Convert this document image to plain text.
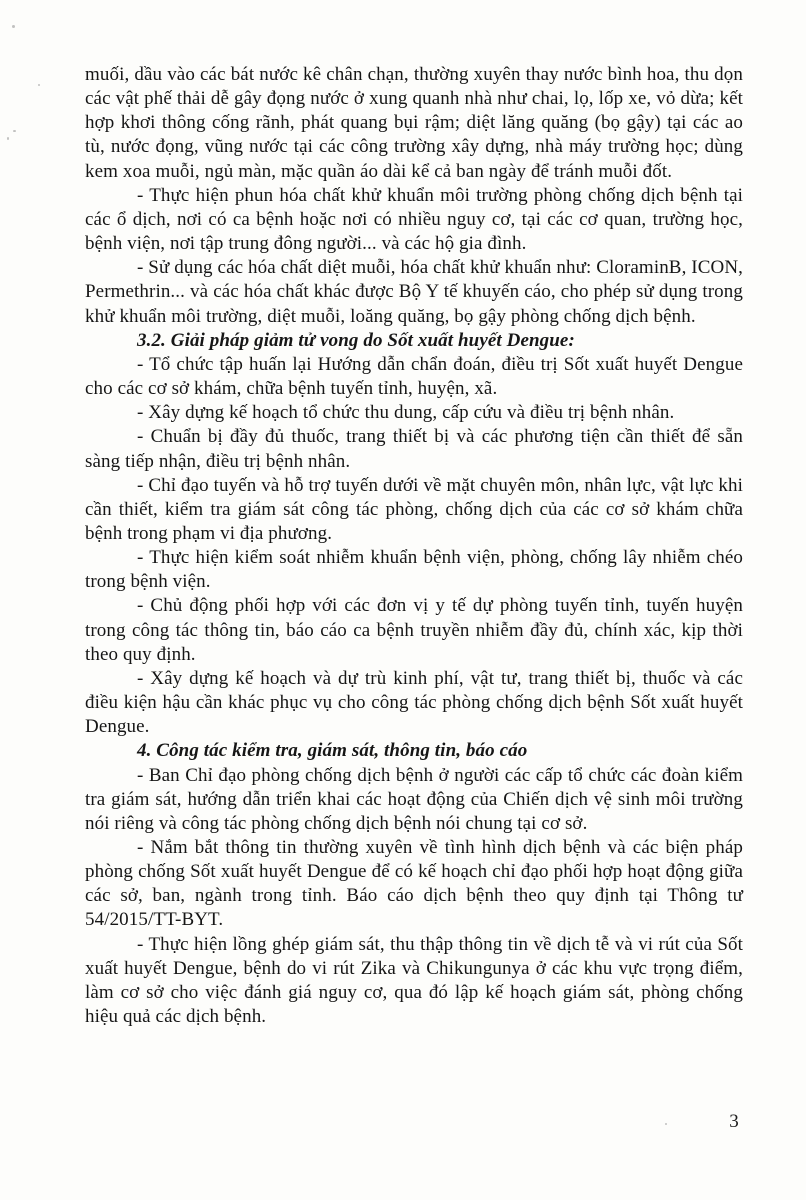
muối, dầu vào các bát nước kê chân chạn, thường xuyên thay nước bình hoa, thu dọn các vật phế thải dễ gây đọng nước ở xung quanh nhà như chai, lọ, lốp xe, vỏ dừa; kết hợp khơi thông cống rãnh, phát quang bụi rậm; diệt lăng quăng (bọ gậy) tại các ao tù, nước đọng, vũng nước tại các công trường xây dựng, nhà máy trường học; dùng kem xoa muỗi, ngủ màn, mặc quần áo dài kể cả ban ngày để tránh muỗi đốt.

- Thực hiện phun hóa chất khử khuẩn môi trường phòng chống dịch bệnh tại các ổ dịch, nơi có ca bệnh hoặc nơi có nhiều nguy cơ, tại các cơ quan, trường học, bệnh viện, nơi tập trung đông người... và các hộ gia đình.

- Sử dụng các hóa chất diệt muỗi, hóa chất khử khuẩn như: CloraminB, ICON, Permethrin... và các hóa chất khác được Bộ Y tế khuyến cáo, cho phép sử dụng trong khử khuẩn môi trường, diệt muỗi, loăng quăng, bọ gậy phòng chống dịch bệnh.

3.2. Giải pháp giảm tử vong do Sốt xuất huyết Dengue:

- Tổ chức tập huấn lại Hướng dẫn chẩn đoán, điều trị Sốt xuất huyết Dengue cho các cơ sở khám, chữa bệnh tuyến tỉnh, huyện, xã.

- Xây dựng kế hoạch tổ chức thu dung, cấp cứu và điều trị bệnh nhân.

- Chuẩn bị đầy đủ thuốc, trang thiết bị và các phương tiện cần thiết để sẵn sàng tiếp nhận, điều trị bệnh nhân.

- Chỉ đạo tuyến và hỗ trợ tuyến dưới về mặt chuyên môn, nhân lực, vật lực khi cần thiết, kiểm tra giám sát công tác phòng, chống dịch của các cơ sở khám chữa bệnh trong phạm vi địa phương.

- Thực hiện kiểm soát nhiễm khuẩn bệnh viện, phòng, chống lây nhiễm chéo trong bệnh viện.

- Chủ động phối hợp với các đơn vị y tế dự phòng tuyến tỉnh, tuyến huyện trong công tác thông tin, báo cáo ca bệnh truyền nhiễm đầy đủ, chính xác, kịp thời theo quy định.

- Xây dựng kế hoạch và dự trù kinh phí, vật tư, trang thiết bị, thuốc và các điều kiện hậu cần khác phục vụ cho công tác phòng chống dịch bệnh Sốt xuất huyết Dengue.

4. Công tác kiểm tra, giám sát, thông tin, báo cáo

- Ban Chỉ đạo phòng chống dịch bệnh ở người các cấp tổ chức các đoàn kiểm tra giám sát, hướng dẫn triển khai các hoạt động của Chiến dịch vệ sinh môi trường nói riêng và công tác phòng chống dịch bệnh nói chung tại cơ sở.

- Nắm bắt thông tin thường xuyên về tình hình dịch bệnh và các biện pháp phòng chống Sốt xuất huyết Dengue để có kế hoạch chỉ đạo phối hợp hoạt động giữa các sở, ban, ngành trong tỉnh. Báo cáo dịch bệnh theo quy định tại Thông tư 54/2015/TT-BYT.

- Thực hiện lồng ghép giám sát, thu thập thông tin về dịch tễ và vi rút của Sốt xuất huyết Dengue, bệnh do vi rút Zika và Chikungunya ở các khu vực trọng điểm, làm cơ sở cho việc đánh giá nguy cơ, qua đó lập kế hoạch giám sát, phòng chống hiệu quả các dịch bệnh.

3
